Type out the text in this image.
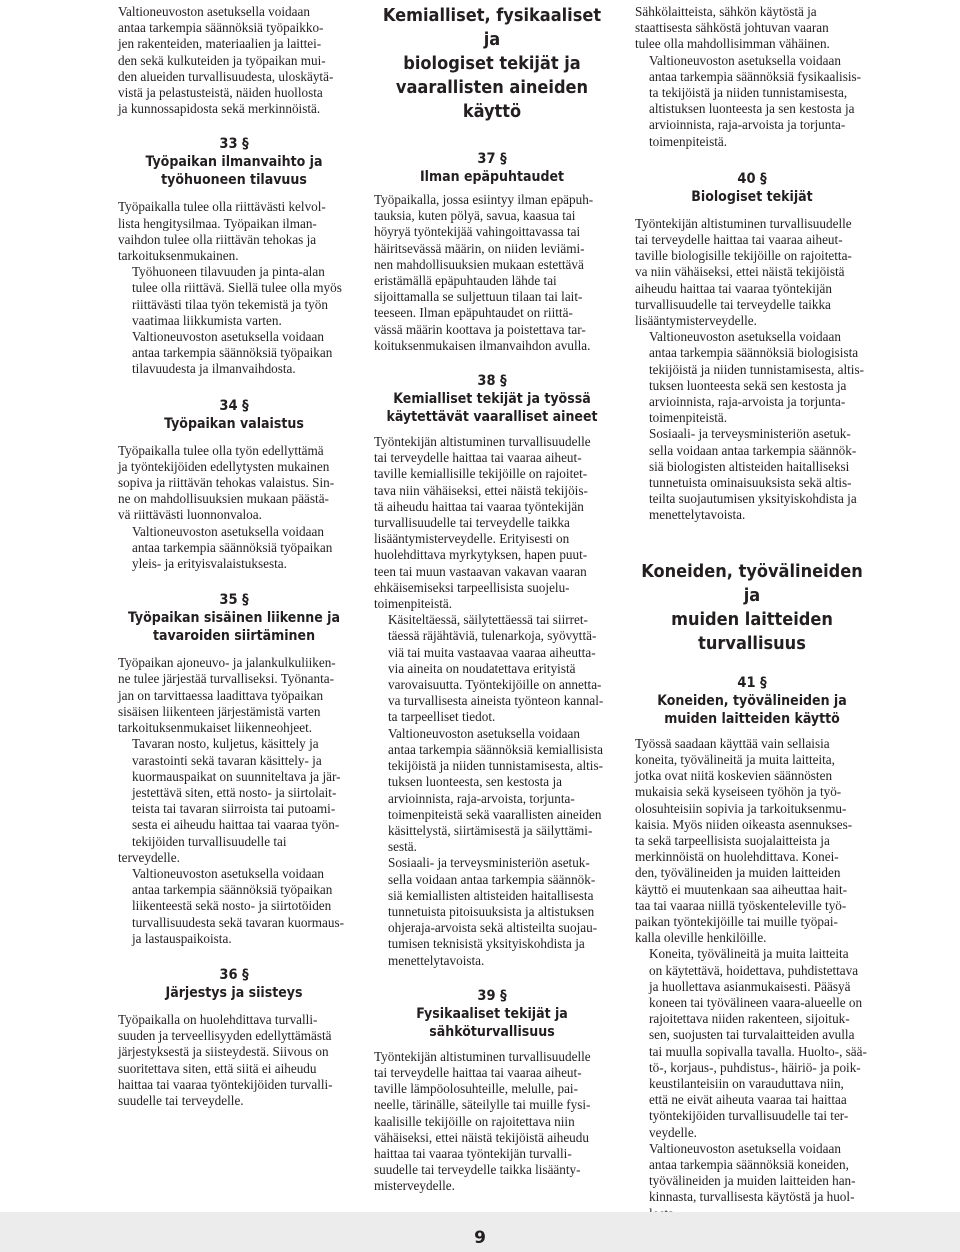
Valtioneuvoston asetuksella voidaan
antaa tarkempia säännöksiä työpaikko-
jen rakenteiden, materiaalien ja laittei-
den sekä kulkuteiden ja työpaikan mui-
den alueiden turvallisuudesta, uloskäytä-
vistä ja pelastusteistä, näiden huollosta
ja kunnossapidosta sekä merkinnöistä.

33 §
Työpaikan ilmanvaihto ja
työhuoneen tilavuus

Työpaikalla tulee olla riittävästi kelvol-
lista hengitysilmaa. Työpaikan ilman-
vaihdon tulee olla riittävän tehokas ja
tarkoituksenmukainen.

Työhuoneen tilavuuden ja pinta-alan
tulee olla riittävä. Siellä tulee olla myös
riittävästi tilaa työn tekemistä ja työn
vaatimaa liikkumista varten.

Valtioneuvoston asetuksella voidaan
antaa tarkempia säännöksiä työpaikan
tilavuudesta ja ilmanvaihdosta.

34 §
Työpaikan valaistus

Työpaikalla tulee olla työn edellyttämä
ja työntekijöiden edellytysten mukainen
sopiva ja riittävän tehokas valaistus. Sin-
ne on mahdollisuuksien mukaan päästä-
vä riittävästi luonnonvaloa.

Valtioneuvoston asetuksella voidaan
antaa tarkempia säännöksiä työpaikan
yleis- ja erityisvalaistuksesta.

35 §
Työpaikan sisäinen liikenne ja
tavaroiden siirtäminen

Työpaikan ajoneuvo- ja jalankulkuliiken-
ne tulee järjestää turvalliseksi. Työnanta-
jan on tarvittaessa laadittava työpaikan
sisäisen liikenteen järjestämistä varten
tarkoituksenmukaiset liikenneohjeet.

Tavaran nosto, kuljetus, käsittely ja
varastointi sekä tavaran käsittely- ja
kuormauspaikat on suunniteltava ja jär-
jestettävä siten, että nosto- ja siirtolait-
teista tai tavaran siirroista tai putoami-
sesta ei aiheudu haittaa tai vaaraa työn-
tekijöiden turvallisuudelle tai terveydelle.

Valtioneuvoston asetuksella voidaan
antaa tarkempia säännöksiä työpaikan
liikenteestä sekä nosto- ja siirtotöiden
turvallisuudesta sekä tavaran kuormaus-
ja lastauspaikoista.

36 §
Järjestys ja siisteys

Työpaikalla on huolehdittava turvalli-
suuden ja terveellisyyden edellyttämästä
järjestyksestä ja siisteydestä. Siivous on
suoritettava siten, että siitä ei aiheudu
haittaa tai vaaraa työntekijöiden turvalli-
suudelle tai terveydelle.

Kemialliset, fysikaaliset ja
biologiset tekijät ja
vaarallisten aineiden käyttö
37 §
Ilman epäpuhtaudet

Työpaikalla, jossa esiintyy ilman epäpuh-
tauksia, kuten pölyä, savua, kaasua tai
höyryä työntekijää vahingoittavassa tai
häiritsevässä määrin, on niiden leviämi-
nen mahdollisuuksien mukaan estettävä
eristämällä epäpuhtauden lähde tai
sijoittamalla se suljettuun tilaan tai lait-
teeseen. Ilman epäpuhtaudet on riittä-
vässä määrin koottava ja poistettava tar-
koituksenmukaisen ilmanvaihdon avulla.

38 §
Kemialliset tekijät ja työssä
käytettävät vaaralliset aineet

Työntekijän altistuminen turvallisuudelle
tai terveydelle haittaa tai vaaraa aiheut-
taville kemiallisille tekijöille on rajoitet-
tava niin vähäiseksi, ettei näistä tekijöis-
tä aiheudu haittaa tai vaaraa työntekijän
turvallisuudelle tai terveydelle taikka
lisääntymisterveydelle. Erityisesti on
huolehdittava myrkytyksen, hapen puut-
teen tai muun vastaavan vakavan vaaran
ehkäisemiseksi tarpeellisista suojelu-
toimenpiteistä.

Käsiteltäessä, säilytettäessä tai siirret-
täessä räjähtäviä, tulenarkoja, syövyttä-
viä tai muita vastaavaa vaaraa aiheutta-
via aineita on noudatettava erityistä
varovaisuutta. Työntekijöille on annetta-
va turvallisesta aineista työnteon kannal-
ta tarpeelliset tiedot.

Valtioneuvoston asetuksella voidaan
antaa tarkempia säännöksiä kemiallisista
tekijöistä ja niiden tunnistamisesta, altis-
tuksen luonteesta, sen kestosta ja
arvioinnista, raja-arvoista, torjunta-
toimenpiteistä sekä vaarallisten aineiden
käsittelystä, siirtämisestä ja säilyttämi-
sestä.

Sosiaali- ja terveysministeriön asetuk-
sella voidaan antaa tarkempia säännök-
siä kemiallisten altisteiden haitallisesta
tunnetuista pitoisuuksista ja altistuksen
ohjeraja-arvoista sekä altisteilta suojau-
tumisen teknisistä yksityiskohdista ja
menettelytavoista.

39 §
Fysikaaliset tekijät ja
sähköturvallisuus

Työntekijän altistuminen turvallisuudelle
tai terveydelle haittaa tai vaaraa aiheut-
taville lämpöolosuhteille, melulle, pai-
neelle, tärinälle, säteilylle tai muille fysi-
kaalisille tekijöille on rajoitettava niin
vähäiseksi, ettei näistä tekijöistä aiheudu
haittaa tai vaaraa työntekijän turvalli-
suudelle tai terveydelle taikka lisäänty-
misterveydelle.

Sähkölaitteista, sähkön käytöstä ja
staattisesta sähköstä johtuvan vaaran
tulee olla mahdollisimman vähäinen.

Valtioneuvoston asetuksella voidaan
antaa tarkempia säännöksiä fysikaalisis-
ta tekijöistä ja niiden tunnistamisesta,
altistuksen luonteesta ja sen kestosta ja
arvioinnista, raja-arvoista ja torjunta-
toimenpiteistä.

40 §
Biologiset tekijät

Työntekijän altistuminen turvallisuudelle
tai terveydelle haittaa tai vaaraa aiheut-
taville biologisille tekijöille on rajoitetta-
va niin vähäiseksi, ettei näistä tekijöistä
aiheudu haittaa tai vaaraa työntekijän
turvallisuudelle tai terveydelle taikka
lisääntymisterveydelle.

Valtioneuvoston asetuksella voidaan
antaa tarkempia säännöksiä biologisista
tekijöistä ja niiden tunnistamisesta, altis-
tuksen luonteesta sekä sen kestosta ja
arvioinnista, raja-arvoista ja torjunta-
toimenpiteistä.

Sosiaali- ja terveysministeriön asetuk-
sella voidaan antaa tarkempia säännök-
siä biologisten altisteiden haitalliseksi
tunnetuista ominaisuuksista sekä altis-
teilta suojautumisen yksityiskohdista ja
menettelytavoista.

Koneiden, työvälineiden ja
muiden laitteiden turvallisuus
41 §
Koneiden, työvälineiden ja
muiden laitteiden käyttö

Työssä saadaan käyttää vain sellaisia
koneita, työvälineitä ja muita laitteita,
jotka ovat niitä koskevien säännösten
mukaisia sekä kyseiseen työhön ja työ-
olosuhteisiin sopivia ja tarkoituksenmu-
kaisia. Myös niiden oikeasta asennukses-
ta sekä tarpeellisista suojalaitteista ja
merkinnöistä on huolehdittava. Konei-
den, työvälineiden ja muiden laitteiden
käyttö ei muutenkaan saa aiheuttaa hait-
taa tai vaaraa niillä työskenteleville työ-
paikan työntekijöille tai muille työpai-
kalla oleville henkilöille.

Koneita, työvälineitä ja muita laitteita
on käytettävä, hoidettava, puhdistettava
ja huollettava asianmukaisesti. Pääsyä
koneen tai työvälineen vaara-alueelle on
rajoitettava niiden rakenteen, sijoituk-
sen, suojusten tai turvalaitteiden avulla
tai muulla sopivalla tavalla. Huolto-, sää-
tö-, korjaus-, puhdistus-, häiriö- ja poik-
keustilanteisiin on varauduttava niin,
että ne eivät aiheuta vaaraa tai haittaa
työntekijöiden turvallisuudelle tai ter-
veydelle.

Valtioneuvoston asetuksella voidaan
antaa tarkempia säännöksiä koneiden,
työvälineiden ja muiden laitteiden han-
kinnasta, turvallisesta käytöstä ja huol-

9
